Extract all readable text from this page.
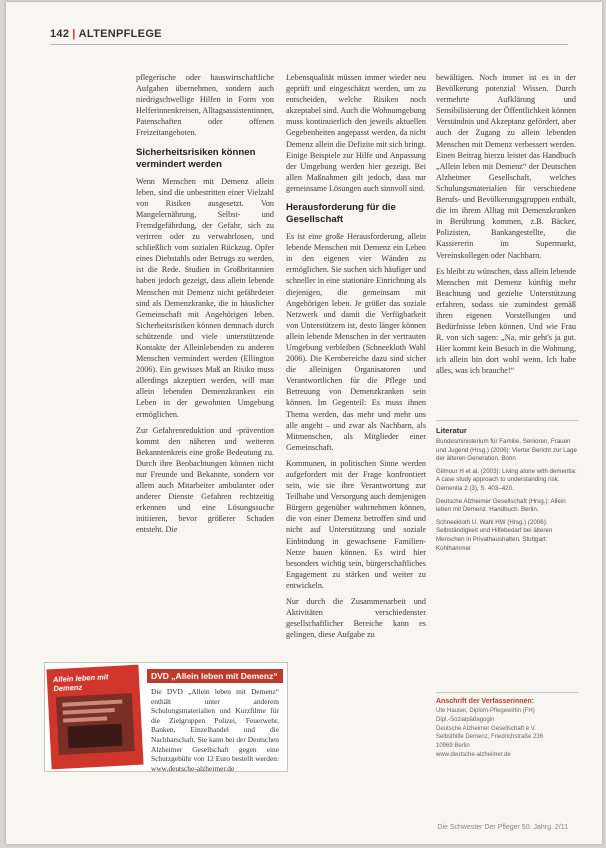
142 | ALTENPFLEGE

pflegerische oder hauswirtschaftliche Aufgaben übernehmen, sondern auch niedrigschwellige Hilfen in Form von Helferinnenkreisen, Alltagsassistentinnen, Patenschaften oder offenen Freizeitangeboten.

Sicherheitsrisiken können vermindert werden

Wenn Menschen mit Demenz allein leben, sind die unbestritten einer Vielzahl von Risiken ausgesetzt. Von Mangelernährung, Selbst- und Fremdgefährdung, der Gefahr, sich zu verirren oder zu verwahrlosen, und schließlich vom sozialen Rückzug. Opfer eines Diebstahls oder Betrugs zu werden, ist die Rede. Studien in Großbritannien haben jedoch gezeigt, dass allein lebende Menschen mit Demenz nicht gefährdeter sind als Demenzkranke, die in häuslicher Gemeinschaft mit Angehörigen leben. Sicherheitsrisiken können demnach durch schützende und viele unterstützende Kontakte der Alleinlebenden zu anderen Menschen vermindert werden (Ellington 2006). Ein gewisses Maß an Risiko muss allerdings akzeptiert werden, will man allein lebenden Demenzkranken ein Leben in der gewohnten Umgebung ermöglichen.

Zur Gefahrenreduktion und -prävention kommt den näheren und weiteren Bekanntenkreis eine große Bedeutung zu. Durch ihre Beobachtungen können nicht nur Freunde und Bekannte, sondern vor allem auch Mitarbeiter ambulanter oder anderer Dienste Gefahren rechtzeitig erkennen und eine Lösungssuche initiieren, bevor größerer Schaden entsteht. Die

Lebensqualität müssen immer wieder neu geprüft und eingeschätzt werden, um zu entscheiden, welche Risiken noch akzeptabel sind. Auch die Wohnumgebung muss kontinuierlich den jeweils aktuellen Gegebenheiten angepasst werden, da nicht Demenz allein die Defizite mit sich bringt. Einige Beispiele zur Hilfe und Anpassung der Umgebung werden hier gezeigt. Bei allen Maßnahmen gilt jedoch, dass nur gemeinsame Lösungen auch sinnvoll sind.

Herausforderung für die Gesellschaft

Es ist eine große Herausforderung, allein lebende Menschen mit Demenz ein Leben in den eigenen vier Wänden zu ermöglichen. Sie suchen sich häufiger und schneller in eine stationäre Einrichtung als diejenigen, die gemeinsam mit Angehörigen leben. Je größer das soziale Netzwerk und damit die Verfügbarkeit von Unterstützern ist, desto länger können allein lebende Menschen in der vertrauten Umgebung verbleiben (Schneekloth Wahl 2006). Die Kernbereiche dazu sind sicher die alleinigen Organisatoren und Verantwortlichen für die Pflege und Betreuung von Demenzkranken sein können. Im Gegenteil: Es muss ihnen Thema werden, das mehr und mehr uns alle angeht – und zwar als Nachbarn, als Mitmenschen, als Mitglieder einer Gemeinschaft.

Kommunen, in politischen Sinne werden aufgefordert mit der Frage konfrontiert sein, wie sie ihre Verantwortung zur Teilhabe und Versorgung auch demjenigen Bürgern gegenüber wahrnehmen können, die von einer Demenz betroffen sind und nicht auf Unterstützung und soziale Einbindung in gewachsene Familien- Netze bauen können. Es wird hier besonders wichtig sein, bürgerschaftliches Engagement zu stärken und weiter zu entwickeln.

Nur durch die Zusammenarbeit und Aktivitäten verschiedenster gesellschaftlicher Bereiche kann es gelingen, diese Aufgabe zu

bewältigen. Noch immer ist es in der Bevölkerung potenzial Wissen. Durch vermehrte Aufklärung und Sensibilisierung der Öffentlichkeit können Verständnis und Akzeptanz gefördert, aber auch der Zugang zu allein lebenden Menschen mit Demenz verbessert werden. Einen Beitrag hierzu leistet das Handbuch „Allein leben mit Demenz“ der Deutschen Alzheimer Gesellschaft, welches Schulungsmaterialien für verschiedene Berufs- und Bevölkerungsgruppen enthält, die im ihrem Alltag mit Demenzkranken in Berührung kommen, z.B. Bäcker, Polizisten, Bankangestellte, die Kassiererin im Supermarkt, Vereinskollegen oder Nachbarn.

Es bleibt zu wünschen, dass allein lebende Menschen mit Demenz künftig mehr Beachtung und gezielte Unterstützung erfahren, sodass sie zumindest gemäß ihren eigenen Vorstellungen und Bedürfnisse leben können. Und wie Frau R. von sich sagen: „Na, mir geht's ja gut. Hier kommt kein Besuch in die Wohnung, ich allein bin dort wohl wenn. Ich habe alles, was ich brauche!“

Literatur
Bundesministerium für Familie, Senioren, Frauen und Jugend (Hrsg.) (2006): Vierter Bericht zur Lage der älteren Generation. Bonn
Gilmour H et al. (2003): Living alone with dementia: A case study approach to understanding risk. Dementia 2 (3), S. 403–420.
Deutsche Alzheimer Gesellschaft (Hrsg.): Allein leben mit Demenz. Handbuch. Berlin.
Schneekloth U, Wahl HW (Hrsg.) (2006): Selbständigkeit und Hilfebedarf bei älteren Menschen in Privathaushalten. Stuttgart: Kohlhammer
Anschrift der Verfasserinnen:
Ute Hauser, Diplom-Pflegewirtin (FH)
Dipl.-Sozialpädagogin
Deutsche Alzheimer Gesellschaft e.V.
Selbsthilfe Demenz, Friedrichstraße 236
10969 Berlin
www.deutsche-alzheimer.de
Allein leben mit Demenz
DVD „Allein leben mit Demenz“
Die DVD „Allein leben mit Demenz“ enthält unter anderem Schulungsmaterialien und Kurzfilme für die Zielgruppen Polizei, Feuerwehr, Banken, Einzelhandel und die Nachbarschaft. Sie kann bei der Deutschen Alzheimer Gesellschaft gegen eine Schutzgebühr von 12 Euro bestellt werden: www.deutsche-alzheimer.de
Die Schwester Der Pfleger 50. Jahrg. 2/11
